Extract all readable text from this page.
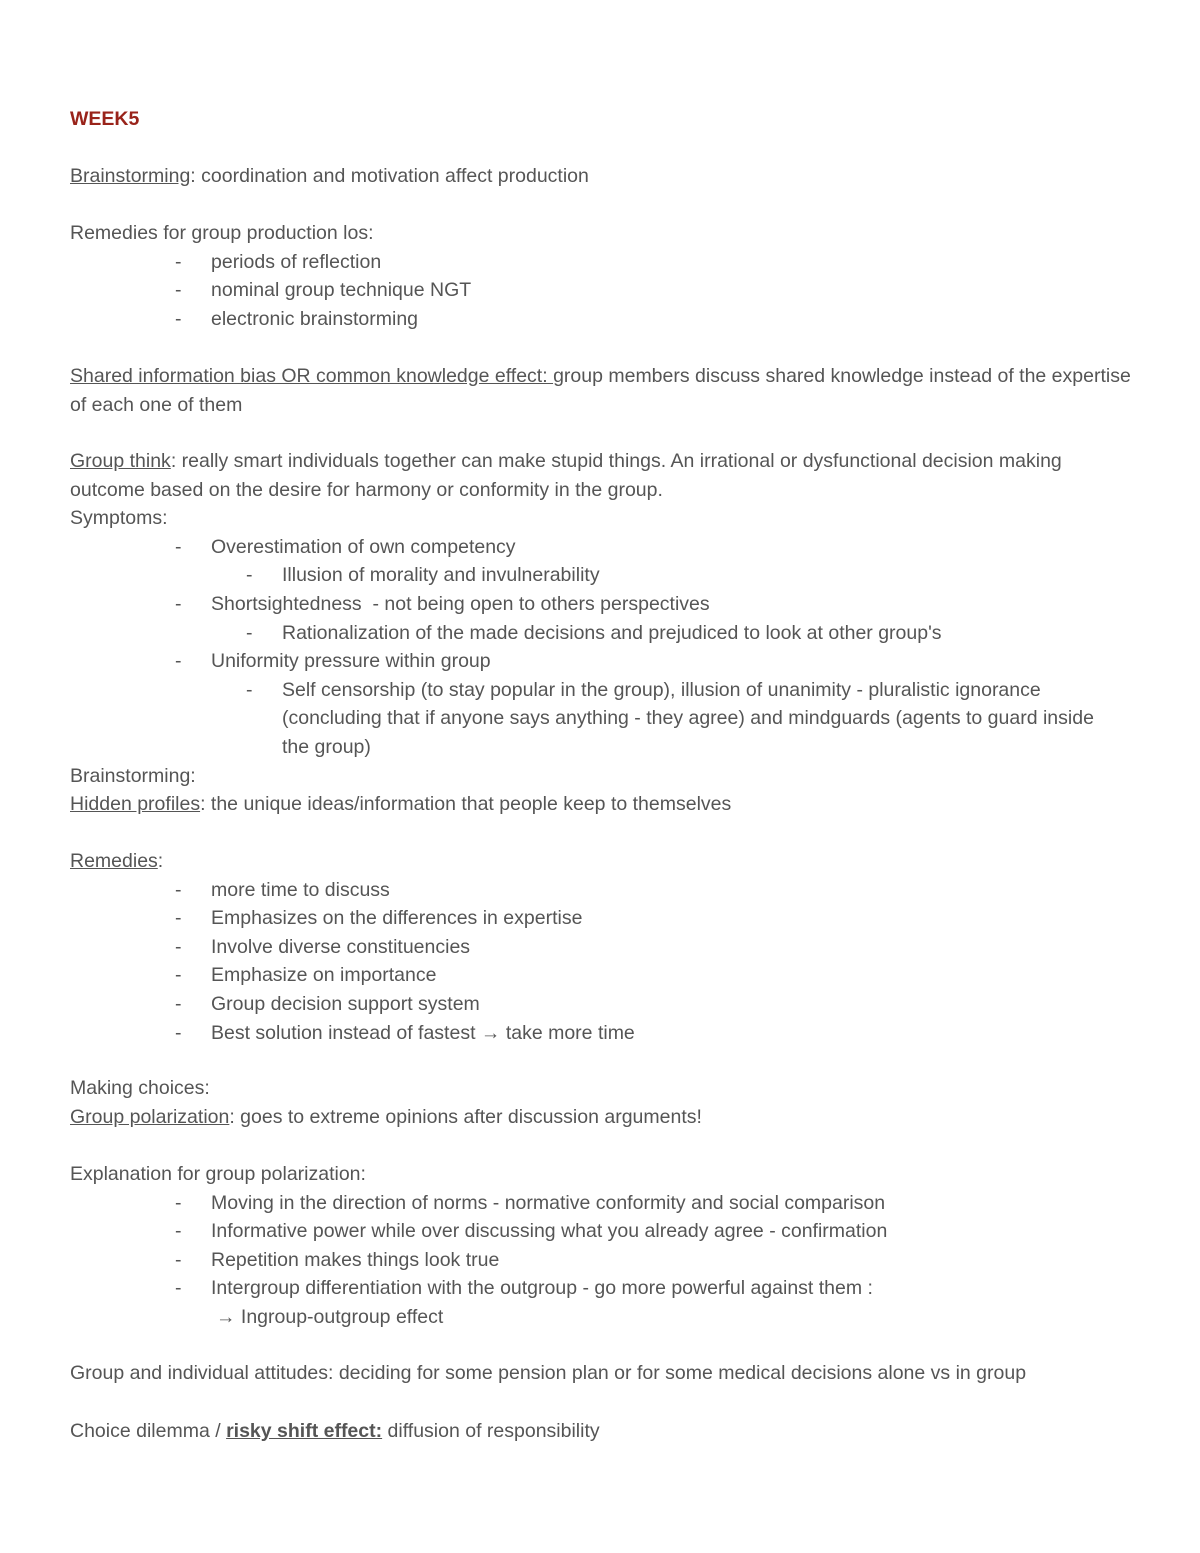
WEEK5
Brainstorming: coordination and motivation affect production
Remedies for group production los:
- periods of reflection
- nominal group technique NGT
- electronic brainstorming
Shared information bias OR common knowledge effect: group members discuss shared knowledge instead of the expertise of each one of them
Group think: really smart individuals together can make stupid things. An irrational or dysfunctional decision making outcome based on the desire for harmony or conformity in the group.
Symptoms:
- Overestimation of own competency
- Illusion of morality and invulnerability
- Shortsightedness  - not being open to others perspectives
- Rationalization of the made decisions and prejudiced to look at other group's
- Uniformity pressure within group
- Self censorship (to stay popular in the group), illusion of unanimity - pluralistic ignorance (concluding that if anyone says anything - they agree) and mindguards (agents to guard inside the group)
Brainstorming:
Hidden profiles: the unique ideas/information that people keep to themselves
Remedies:
- more time to discuss
- Emphasizes on the differences in expertise
- Involve diverse constituencies
- Emphasize on importance
- Group decision support system
- Best solution instead of fastest → take more time
Making choices:
Group polarization: goes to extreme opinions after discussion arguments!
Explanation for group polarization:
- Moving in the direction of norms - normative conformity and social comparison
- Informative power while over discussing what you already agree - confirmation
- Repetition makes things look true
- Intergroup differentiation with the outgroup - go more powerful against them :
→ Ingroup-outgroup effect
Group and individual attitudes: deciding for some pension plan or for some medical decisions alone vs in group
Choice dilemma / risky shift effect: diffusion of responsibility
